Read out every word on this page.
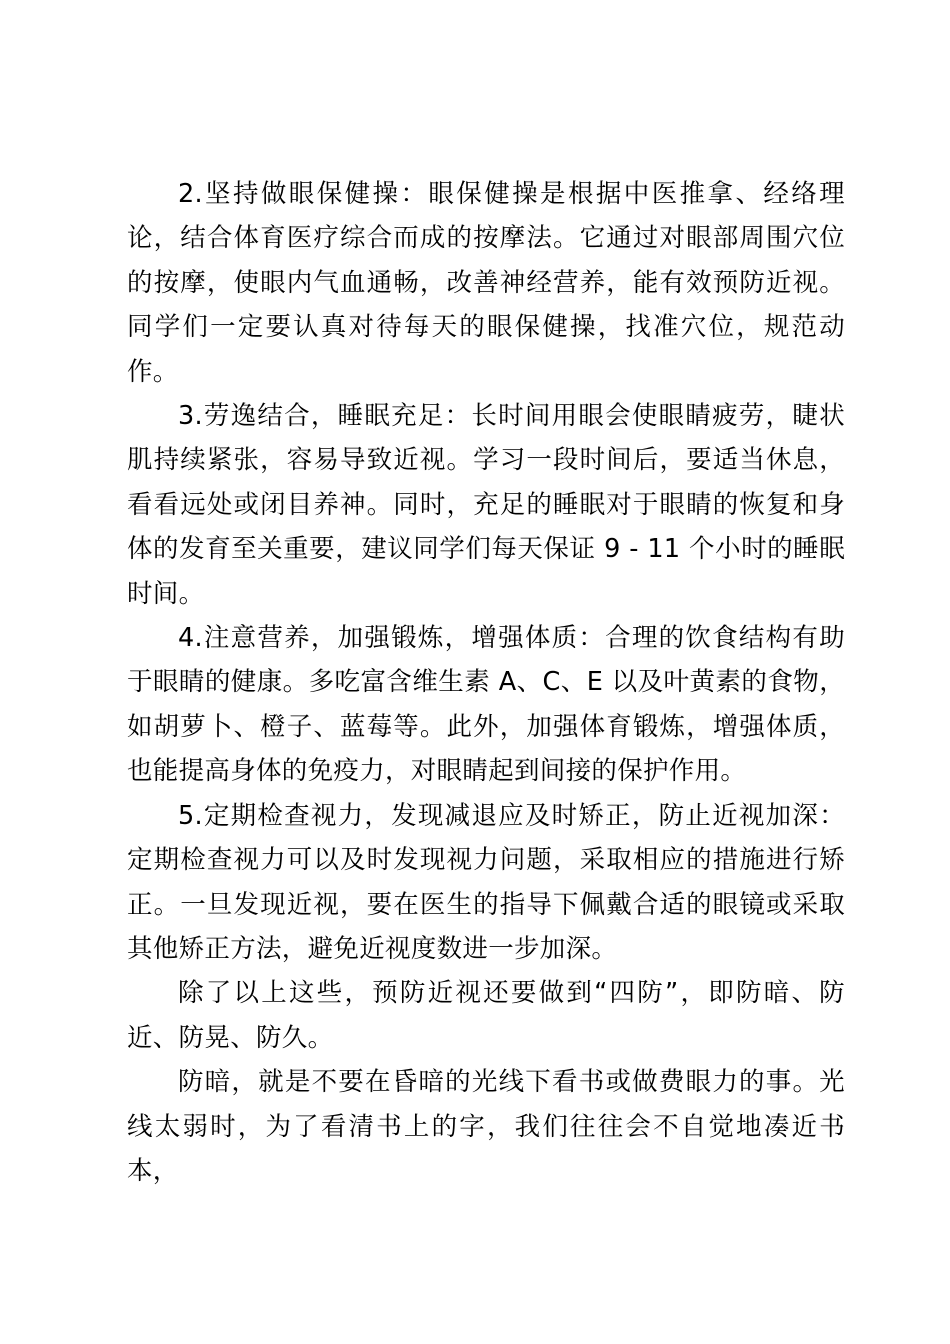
2.坚持做眼保健操：眼保健操是根据中医推拿、经络理论，结合体育医疗综合而成的按摩法。它通过对眼部周围穴位的按摩，使眼内气血通畅，改善神经营养，能有效预防近视。同学们一定要认真对待每天的眼保健操，找准穴位，规范动作。

3.劳逸结合，睡眠充足：长时间用眼会使眼睛疲劳，睫状肌持续紧张，容易导致近视。学习一段时间后，要适当休息，看看远处或闭目养神。同时，充足的睡眠对于眼睛的恢复和身体的发育至关重要，建议同学们每天保证 9 - 11 个小时的睡眠时间。

4.注意营养，加强锻炼，增强体质：合理的饮食结构有助于眼睛的健康。多吃富含维生素 A、C、E 以及叶黄素的食物，如胡萝卜、橙子、蓝莓等。此外，加强体育锻炼，增强体质，也能提高身体的免疫力，对眼睛起到间接的保护作用。

5.定期检查视力，发现减退应及时矫正，防止近视加深：定期检查视力可以及时发现视力问题，采取相应的措施进行矫正。一旦发现近视，要在医生的指导下佩戴合适的眼镜或采取其他矫正方法，避免近视度数进一步加深。

除了以上这些，预防近视还要做到“四防”，即防暗、防近、防晃、防久。

防暗，就是不要在昏暗的光线下看书或做费眼力的事。光线太弱时，为了看清书上的字，我们往往会不自觉地凑近书本，
